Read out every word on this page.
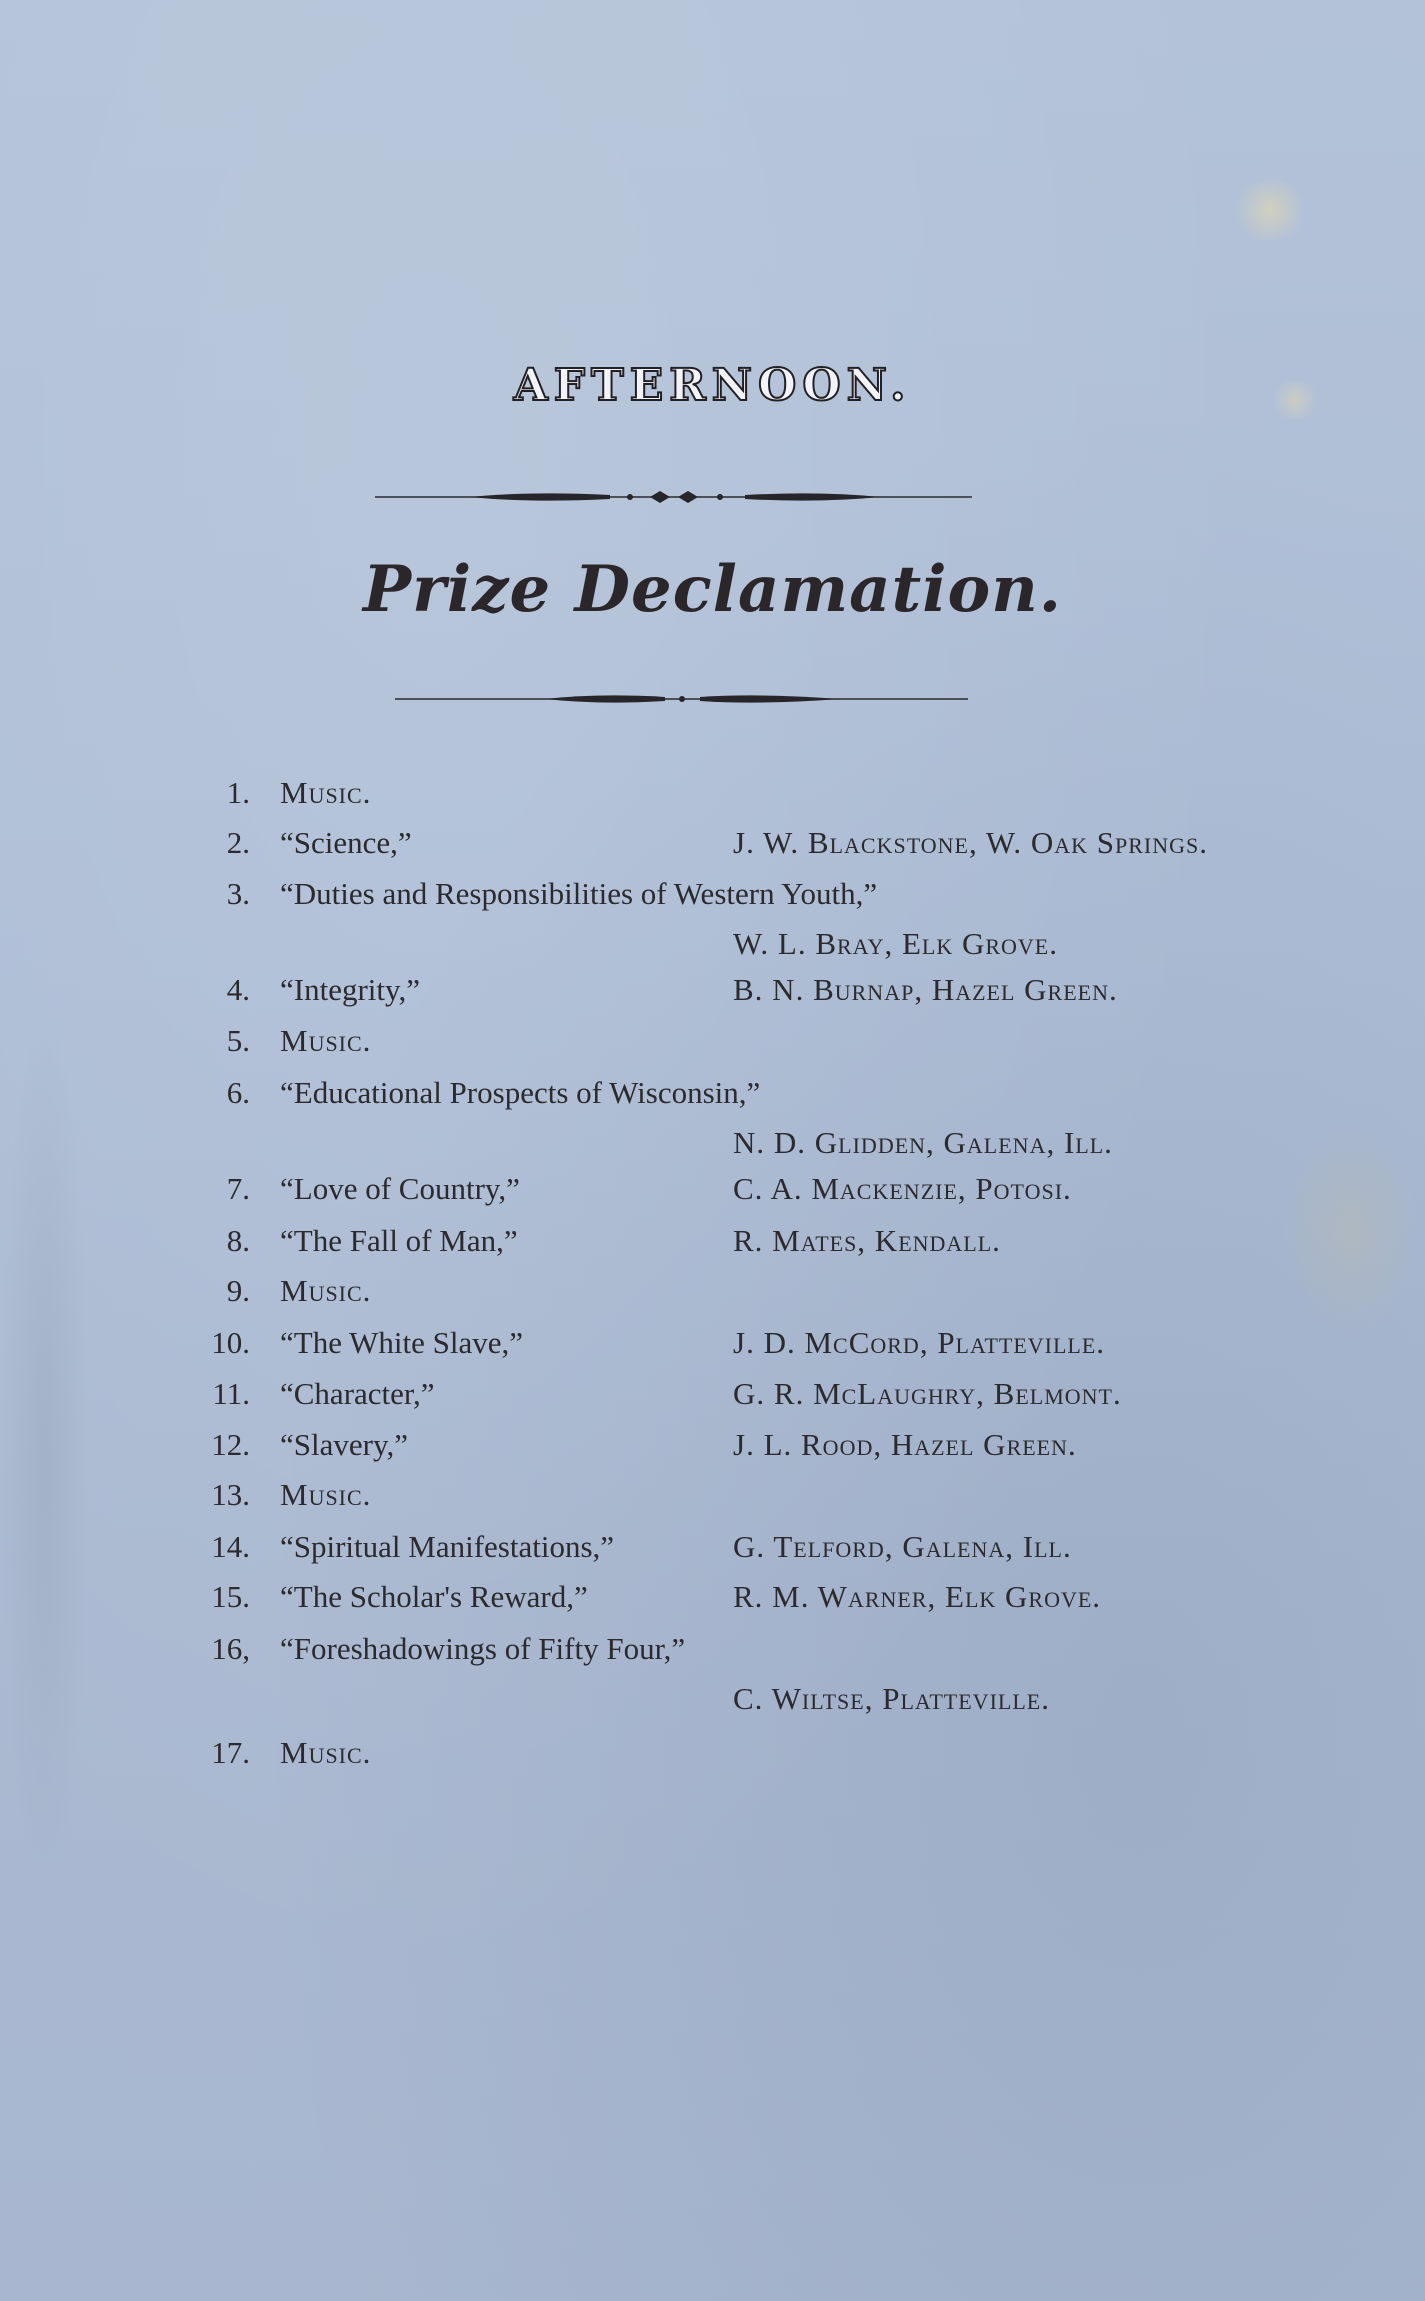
AFTERNOON.
Prize Declamation.
1. Music.
2. “Science,”	J. W. Blackstone, W. Oak Springs.
3. “Duties and Responsibilities of Western Youth,”
W. L. Bray, Elk Grove.
4. “Integrity,”	B. N. Burnap, Hazel Green.
5. Music.
6. “Educational Prospects of Wisconsin,”
N. D. Glidden, Galena, Ill.
7. “Love of Country,”	C. A. Mackenzie, Potosi.
8. “The Fall of Man,”	R. Mates, Kendall.
9. Music.
10. “The White Slave,”	J. D. McCord, Platteville.
11. “Character,”	G. R. McLaughry, Belmont.
12. “Slavery,”	J. L. Rood, Hazel Green.
13. Music.
14. “Spiritual Manifestations,”	G. Telford, Galena, Ill.
15. “The Scholar's Reward,”	R. M. Warner, Elk Grove.
16, “Foreshadowings of Fifty Four,”
C. Wiltse, Platteville.
17. Music.
